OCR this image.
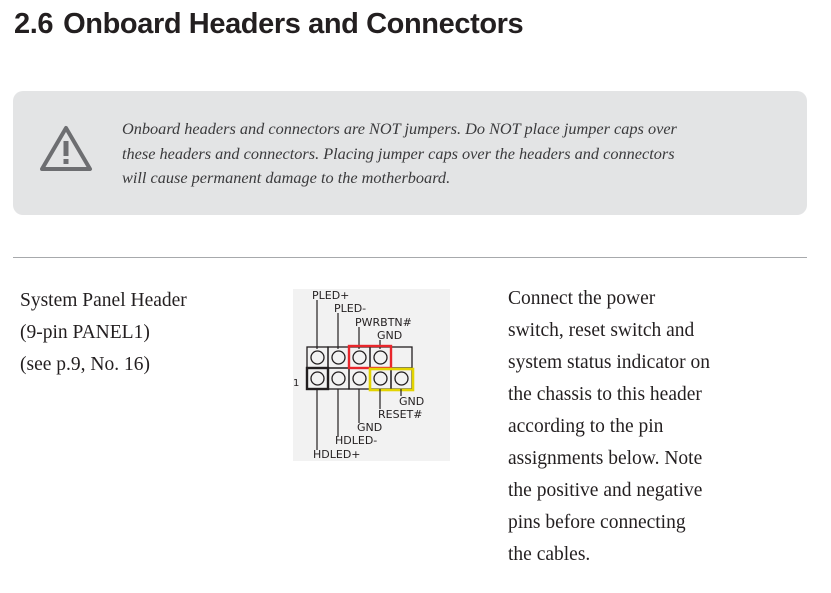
2.6 Onboard Headers and Connectors
Onboard headers and connectors are NOT jumpers. Do NOT place jumper caps over
these headers and connectors. Placing jumper caps over the headers and connectors
will cause permanent damage to the motherboard.
System Panel Header
(9-pin PANEL1)
(see p.9, No. 16)
PLED+
PLED-
PWRBTN#
GND
1
GND
RESET#
GND
HDLED-
HDLED+
Connect the power
switch, reset switch and
system status indicator on
the chassis to this header
according to the pin
assignments below. Note
the positive and negative
pins before connecting
the cables.
